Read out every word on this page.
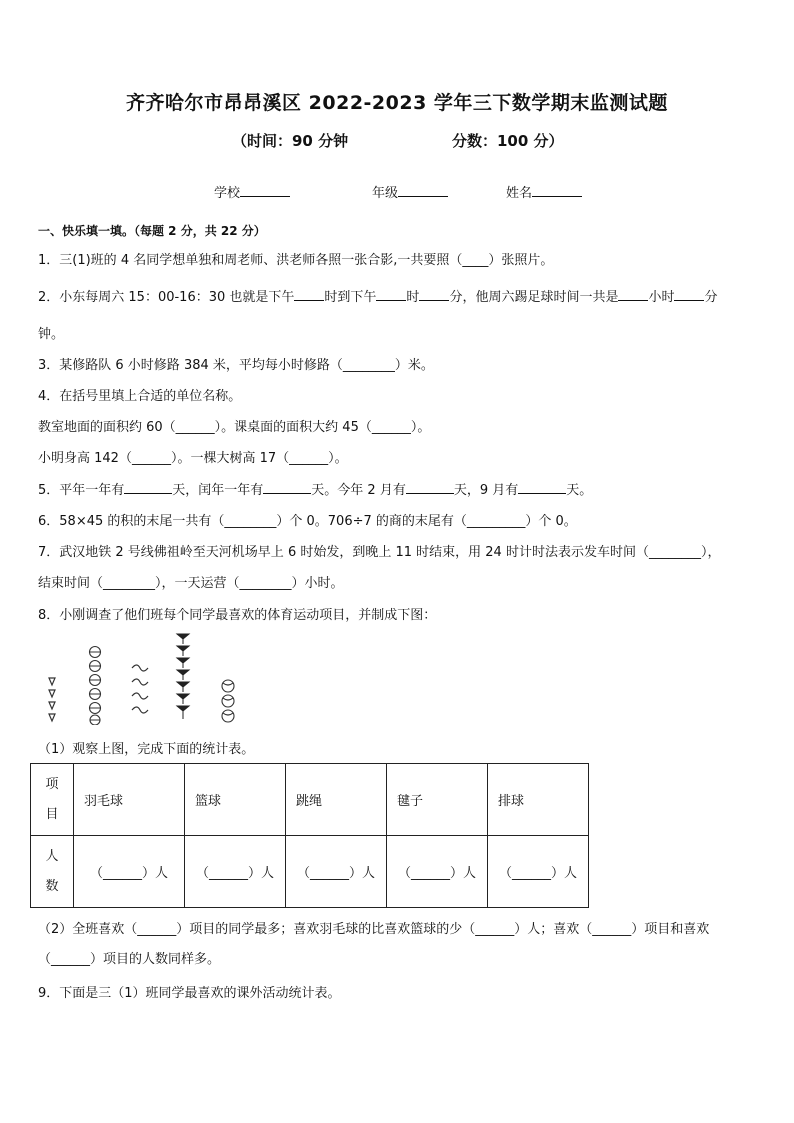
齐齐哈尔市昂昂溪区 2022-2023 学年三下数学期末监测试题
（时间：90 分钟	分数：100 分）
学校	年级	姓名
一、快乐填一填。（每题 2 分，共 22 分）
1．三(1)班的 4 名同学想单独和周老师、洪老师各照一张合影,一共要照（____）张照片。
2．小东每周六 15：00-16：30 也就是下午 时到下午 时 分，他周六踢足球时间一共是 小时 分
钟。
3．某修路队 6 小时修路 384 米，平均每小时修路（________）米。
4．在括号里填上合适的单位名称。
教室地面的面积约 60（______）。课桌面的面积大约 45（______）。
小明身高 142（______）。一棵大树高 17（______）。
5．平年一年有	天，闰年一年有	天。今年 2 月有	天，9 月有	天。
6．58×45 的积的末尾一共有（________）个 0。706÷7 的商的末尾有（_________）个 0。
7．武汉地铁 2 号线佛祖岭至天河机场早上 6 时始发，到晚上 11 时结束，用 24 时计时法表示发车时间（________），
结束时间（________），一天运营（________）小时。
8．小刚调查了他们班每个同学最喜欢的体育运动项目，并制成下图：
（1）观察上图，完成下面的统计表。
项目	羽毛球	篮球	跳绳	毽子	排球
人数	（______）人	（______）人	（______）人	（______）人	（______）人
（2）全班喜欢（______）项目的同学最多；喜欢羽毛球的比喜欢篮球的少（______）人；喜欢（______）项目和喜欢
（______）项目的人数同样多。
9．下面是三（1）班同学最喜欢的课外活动统计表。
